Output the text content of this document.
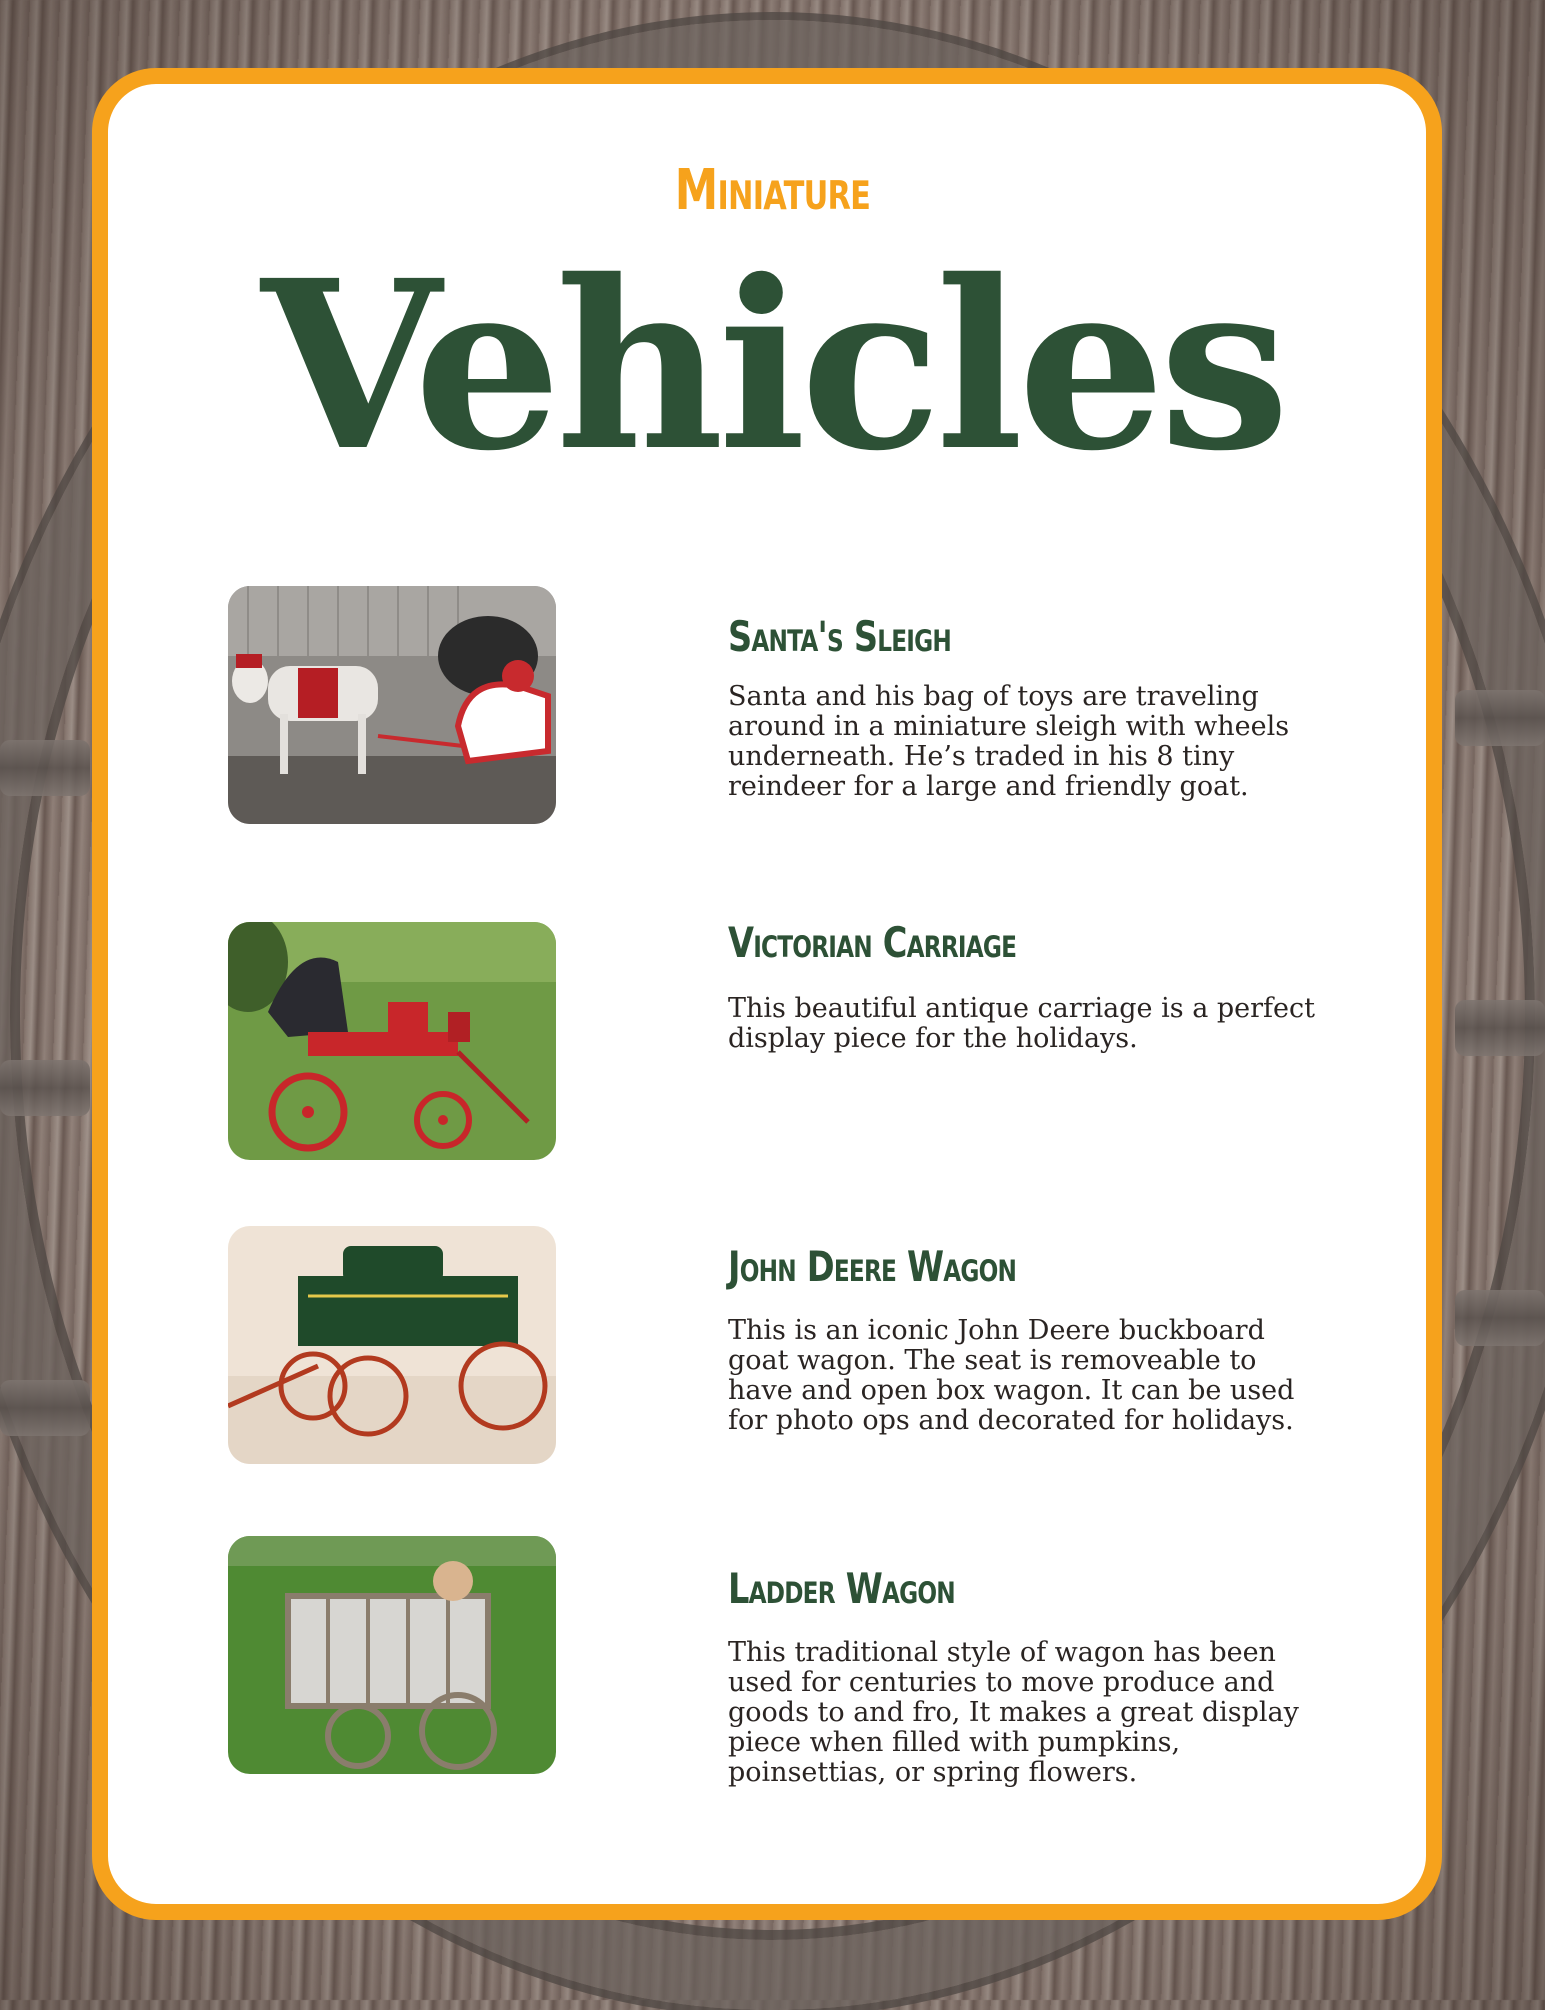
Miniature
Vehicles
Santa's Sleigh

Santa and his bag of toys are traveling around in a miniature sleigh with wheels underneath. He’s traded in his 8 tiny reindeer for a large and friendly goat.

Victorian Carriage

This beautiful antique carriage is a perfect display piece for the holidays.

John Deere Wagon

This is an iconic John Deere buckboard goat wagon. The seat is removeable to have and open box wagon. It can be used for photo ops and decorated for holidays.

Ladder Wagon

This traditional style of wagon has been used for centuries to move produce and goods to and fro, It makes a great display piece when filled with pumpkins, poinsettias, or spring flowers.
